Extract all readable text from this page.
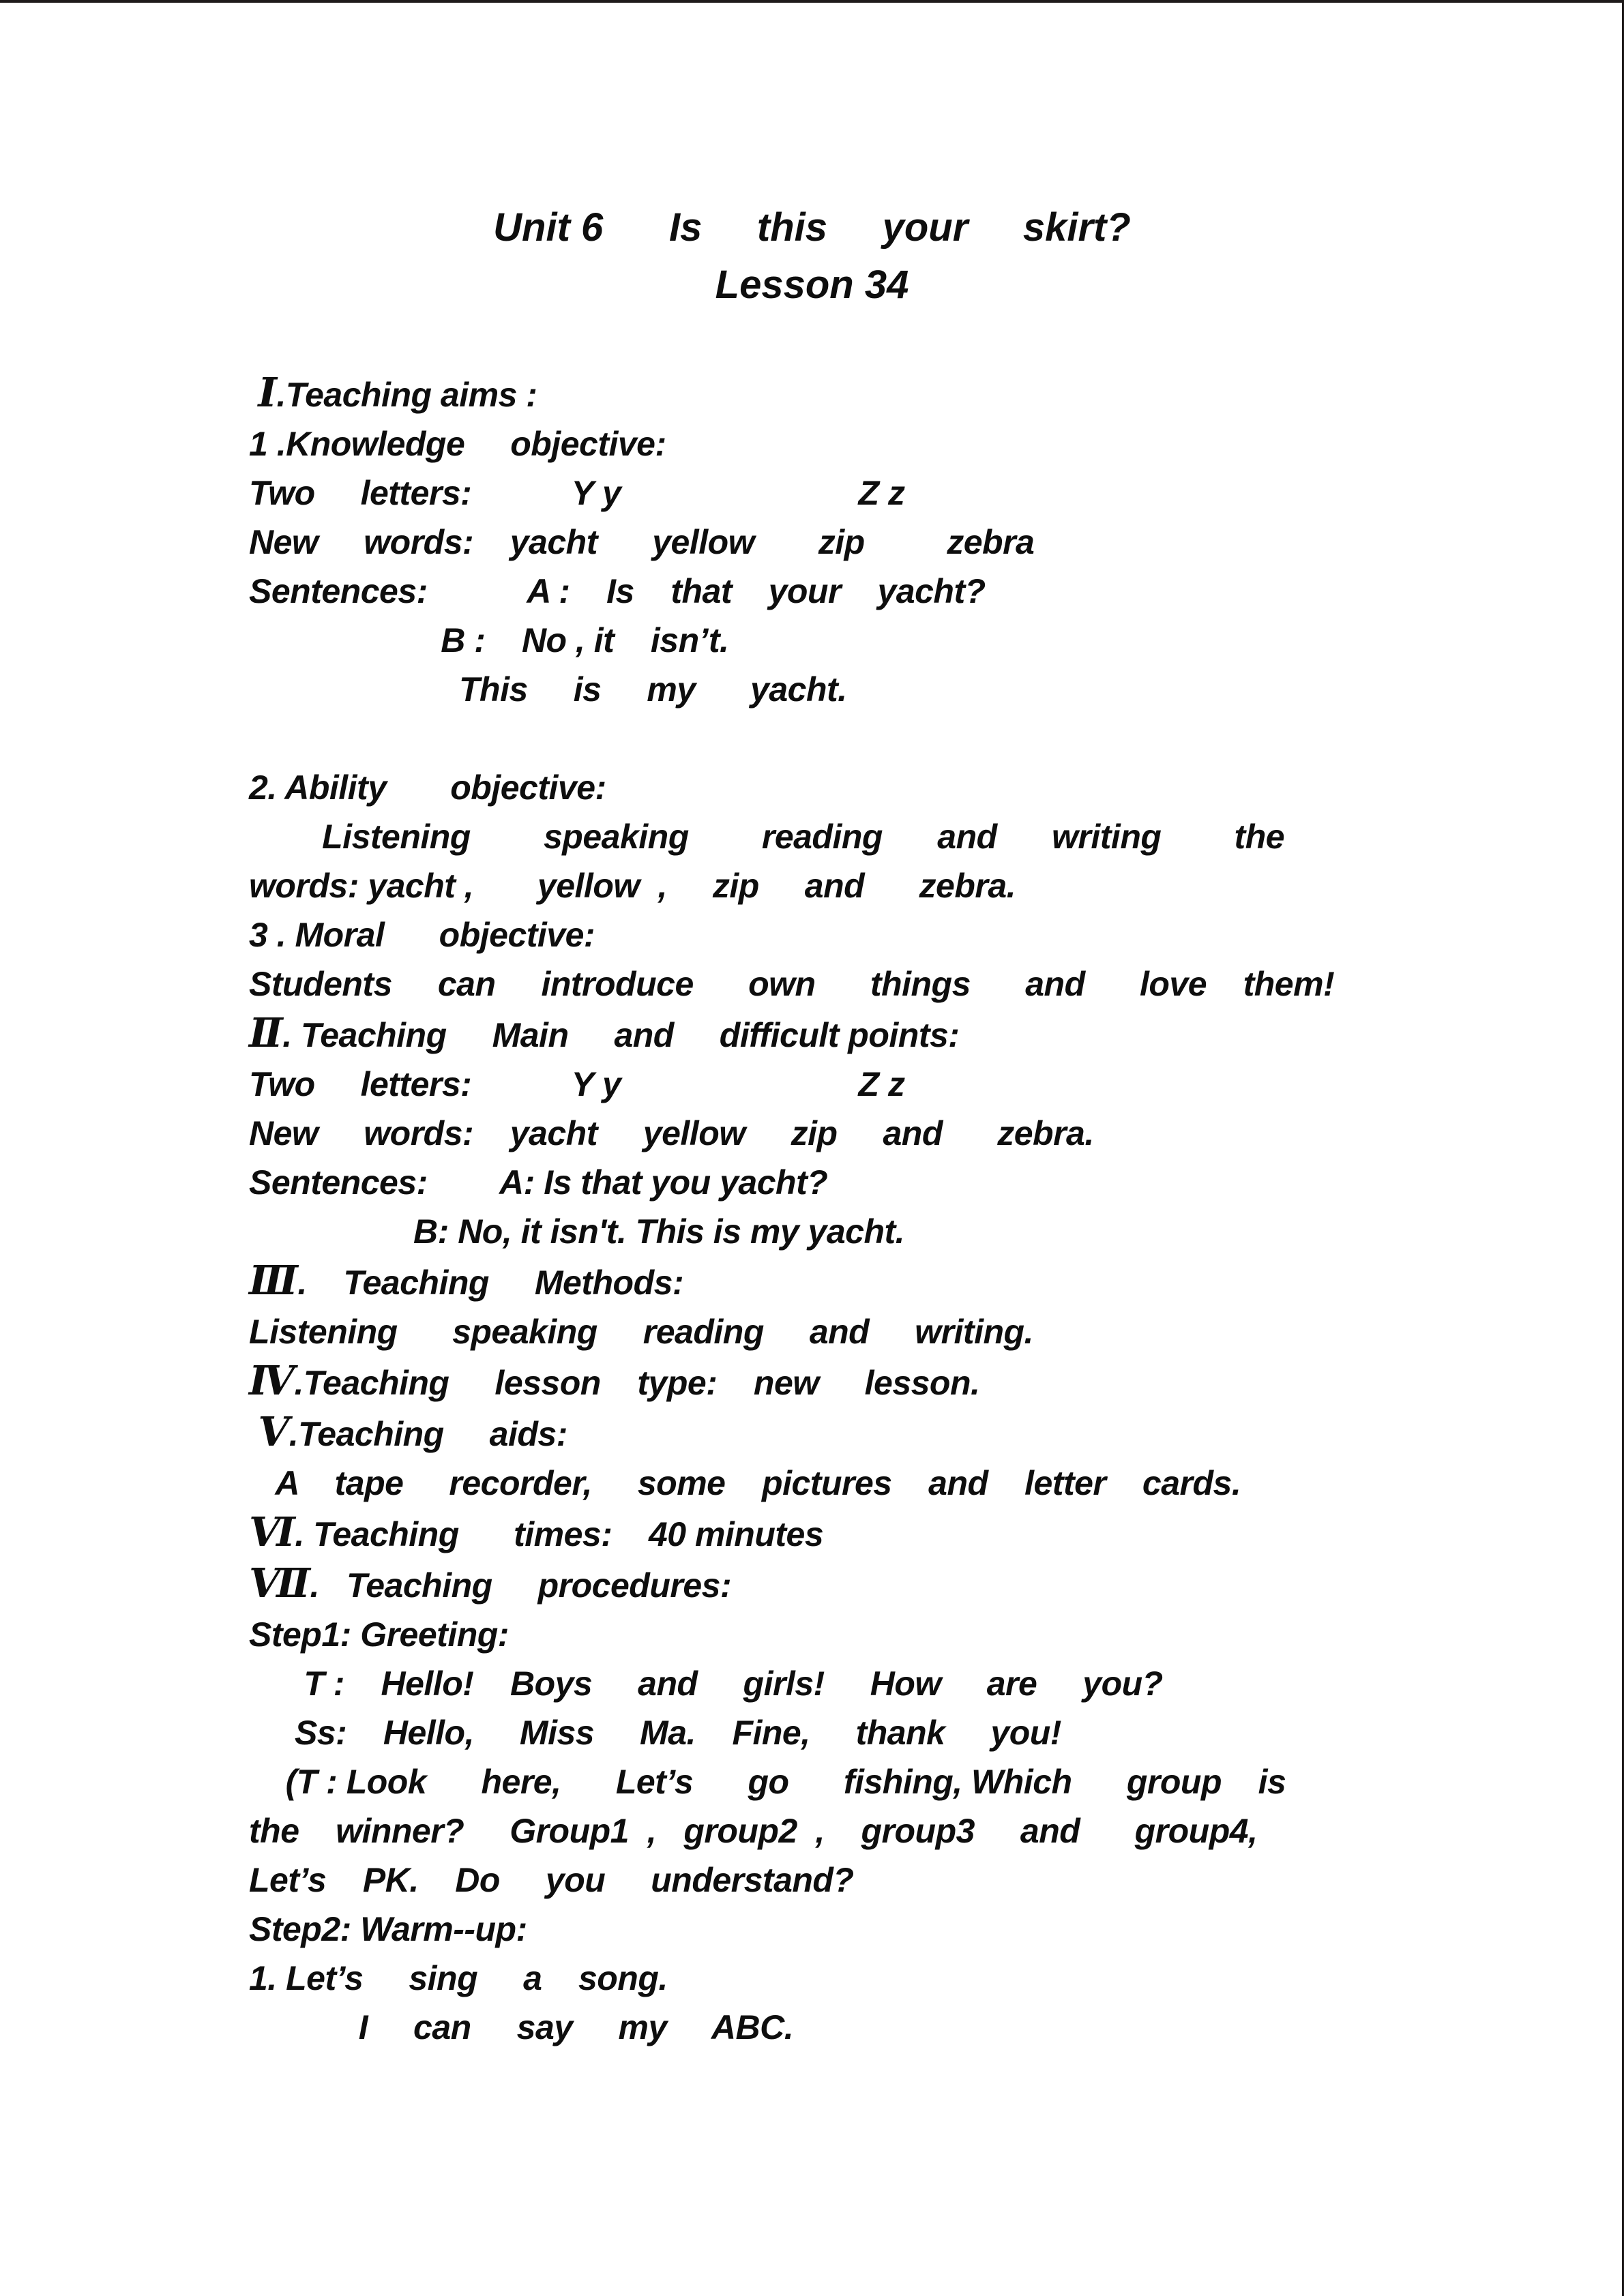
Unit 6      Is     this     your     skirt?
Lesson 34
Ⅰ.Teaching aims :
1 .Knowledge     objective:
Two     letters:           Y y                          Z z
New     words:    yacht      yellow       zip         zebra
Sentences:           A :    Is    that    your    yacht?
B :    No , it    isn’t.
This     is     my      yacht.
2. Ability       objective:
Listening        speaking        reading      and      writing        the
words: yacht ,       yellow  ,     zip     and      zebra.
3 . Moral      objective:
Students     can     introduce      own      things      and      love    them!
Ⅱ. Teaching     Main     and     difficult points:
Two     letters:           Y y                          Z z
New     words:    yacht     yellow     zip     and      zebra.
Sentences:        A: Is that you yacht?
B: No, it isn't. This is my yacht.
Ⅲ.    Teaching     Methods:
Listening      speaking     reading     and     writing.
Ⅳ.Teaching     lesson    type:    new     lesson.
Ⅴ.Teaching     aids:
A    tape     recorder,     some    pictures    and    letter    cards.
Ⅵ. Teaching      times:    40 minutes
Ⅶ.   Teaching     procedures:
Step1: Greeting:
T :    Hello!    Boys     and     girls!     How     are     you?
Ss:    Hello,     Miss     Ma.    Fine,     thank     you!
(T : Look      here,      Let’s      go      fishing, Which      group    is
the    winner?     Group1  ,   group2  ,    group3     and      group4,
Let’s    PK.    Do     you     understand?
Step2: Warm--up:
1. Let’s     sing     a    song.
I     can     say     my     ABC.
